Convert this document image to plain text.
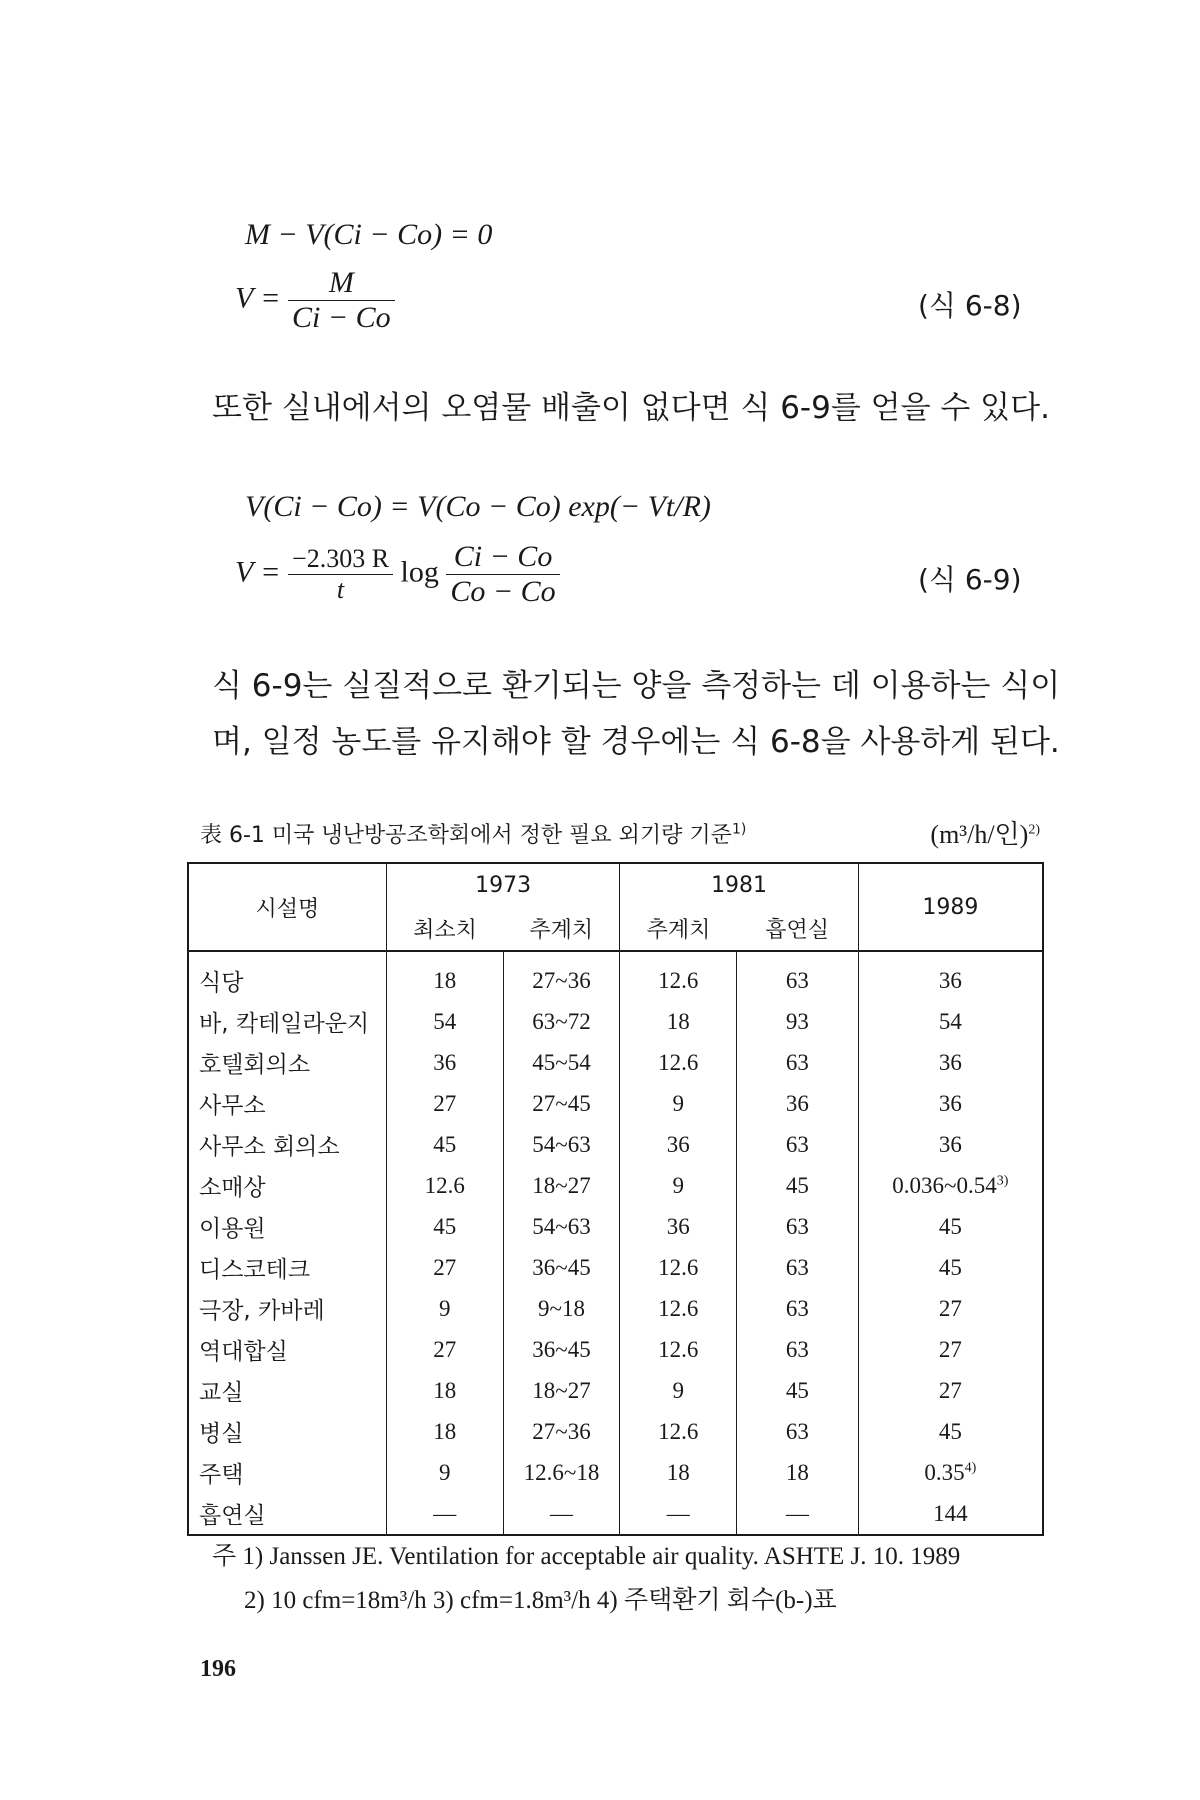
M − V(Ci − Co) = 0
$V = \frac{M}{Ci - Co}$	(식 6-8)
또한 실내에서의 오염물 배출이 없다면 식 6-9를 얻을 수 있다.
V(Ci − Co) = V(Co − Co) exp(− Vt/R)
$V = \frac{-2.303 R}{t}$ $\log \frac{Ci - Co}{Co - Co}$	(식 6-9)
식 6-9는 실질적으로 환기되는 양을 측정하는 데 이용하는 식이며, 일정 농도를 유지해야 할 경우에는 식 6-8을 사용하게 된다.
表 6-1 미국 냉난방공조학회에서 정한 필요 외기량 기준$^{1)}$	(m³/h/인)$^{2)}$
시설명	1973		1981		1989
	최소치	추계치	추계치	흡연실	
식당	18	27~36	12.6	63	36
바, 칵테일라운지	54	63~72	18	93	54
호텔회의소	36	45~54	12.6	63	36
사무소	27	27~45	9	36	36
사무소 회의소	45	54~63	36	63	36
소매상	12.6	18~27	9	45	0.036~0.54$^{3)}$
이용원	45	54~63	36	63	45
디스코테크	27	36~45	12.6	63	45
극장, 카바레	9	9~18	12.6	63	27
역대합실	27	36~45	12.6	63	27
교실	18	18~27	9	45	27
병실	18	27~36	12.6	63	45
주택	9	12.6~18	18	18	0.35$^{4)}$
흡연실	—	—	—	—	144
주 1) Janssen JE. Ventilation for acceptable air quality. ASHTE J. 10. 1989
2) 10 cfm=18m³/h 3) cfm=1.8m³/h 4) 주택환기 회수(b-)표
196
